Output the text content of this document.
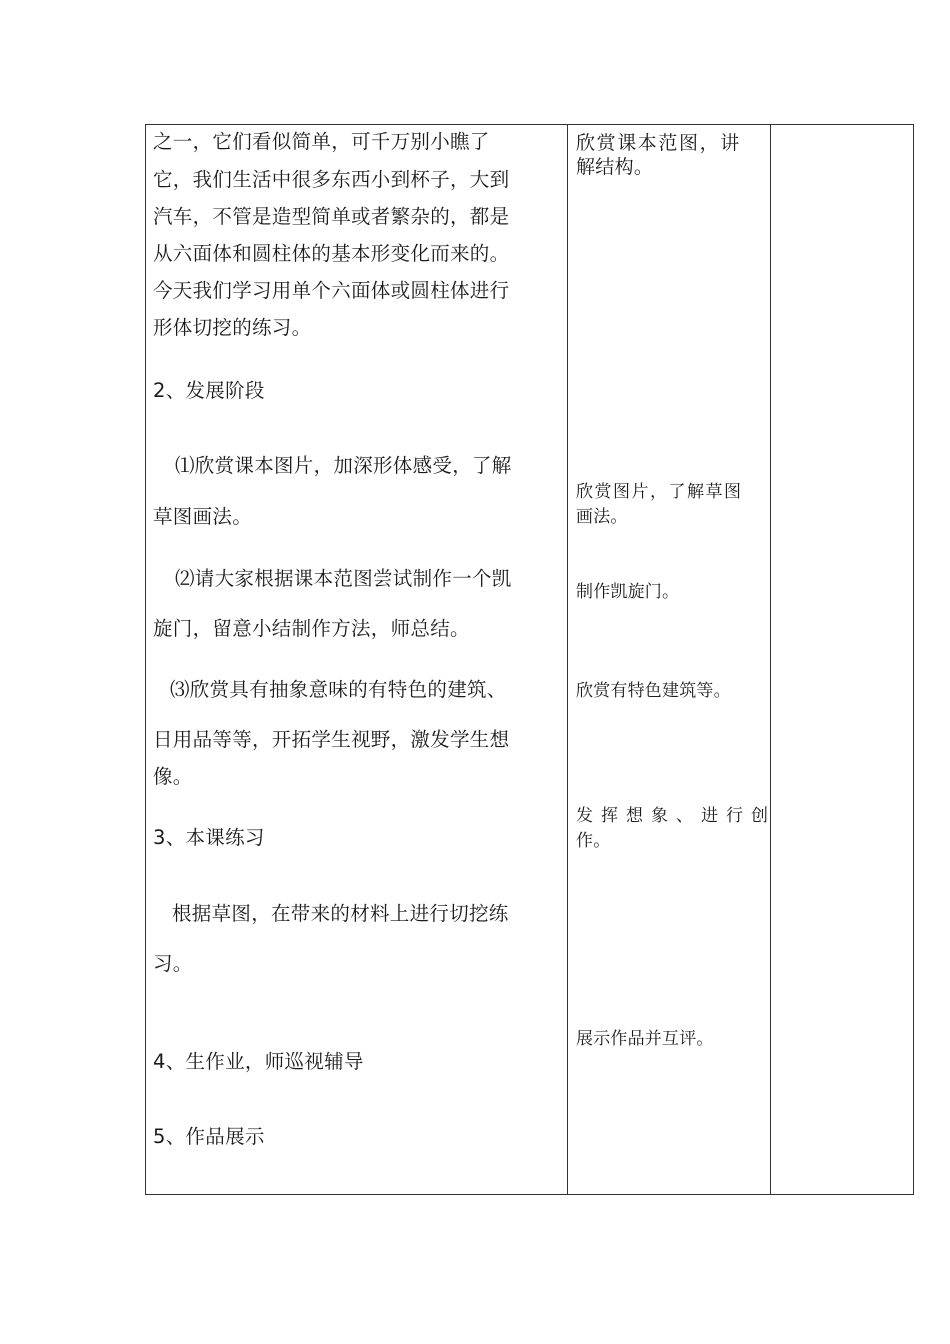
之一，它们看似简单，可千万别小瞧了
它，我们生活中很多东西小到杯子，大到
汽车，不管是造型简单或者繁杂的，都是
从六面体和圆柱体的基本形变化而来的。
今天我们学习用单个六面体或圆柱体进行
形体切挖的练习。
2、发展阶段
⑴欣赏课本图片，加深形体感受，了解
草图画法。
⑵请大家根据课本范图尝试制作一个凯
旋门，留意小结制作方法，师总结。
⑶欣赏具有抽象意味的有特色的建筑、
日用品等等，开拓学生视野，激发学生想
像。
3、本课练习
根据草图，在带来的材料上进行切挖练
习。
4、生作业，师巡视辅导
5、作品展示
欣赏课本范图，讲
解结构。
欣赏图片，了解草图
画法。
制作凯旋门。
欣赏有特色建筑等。
发挥想象、进行创
作。
展示作品并互评。
